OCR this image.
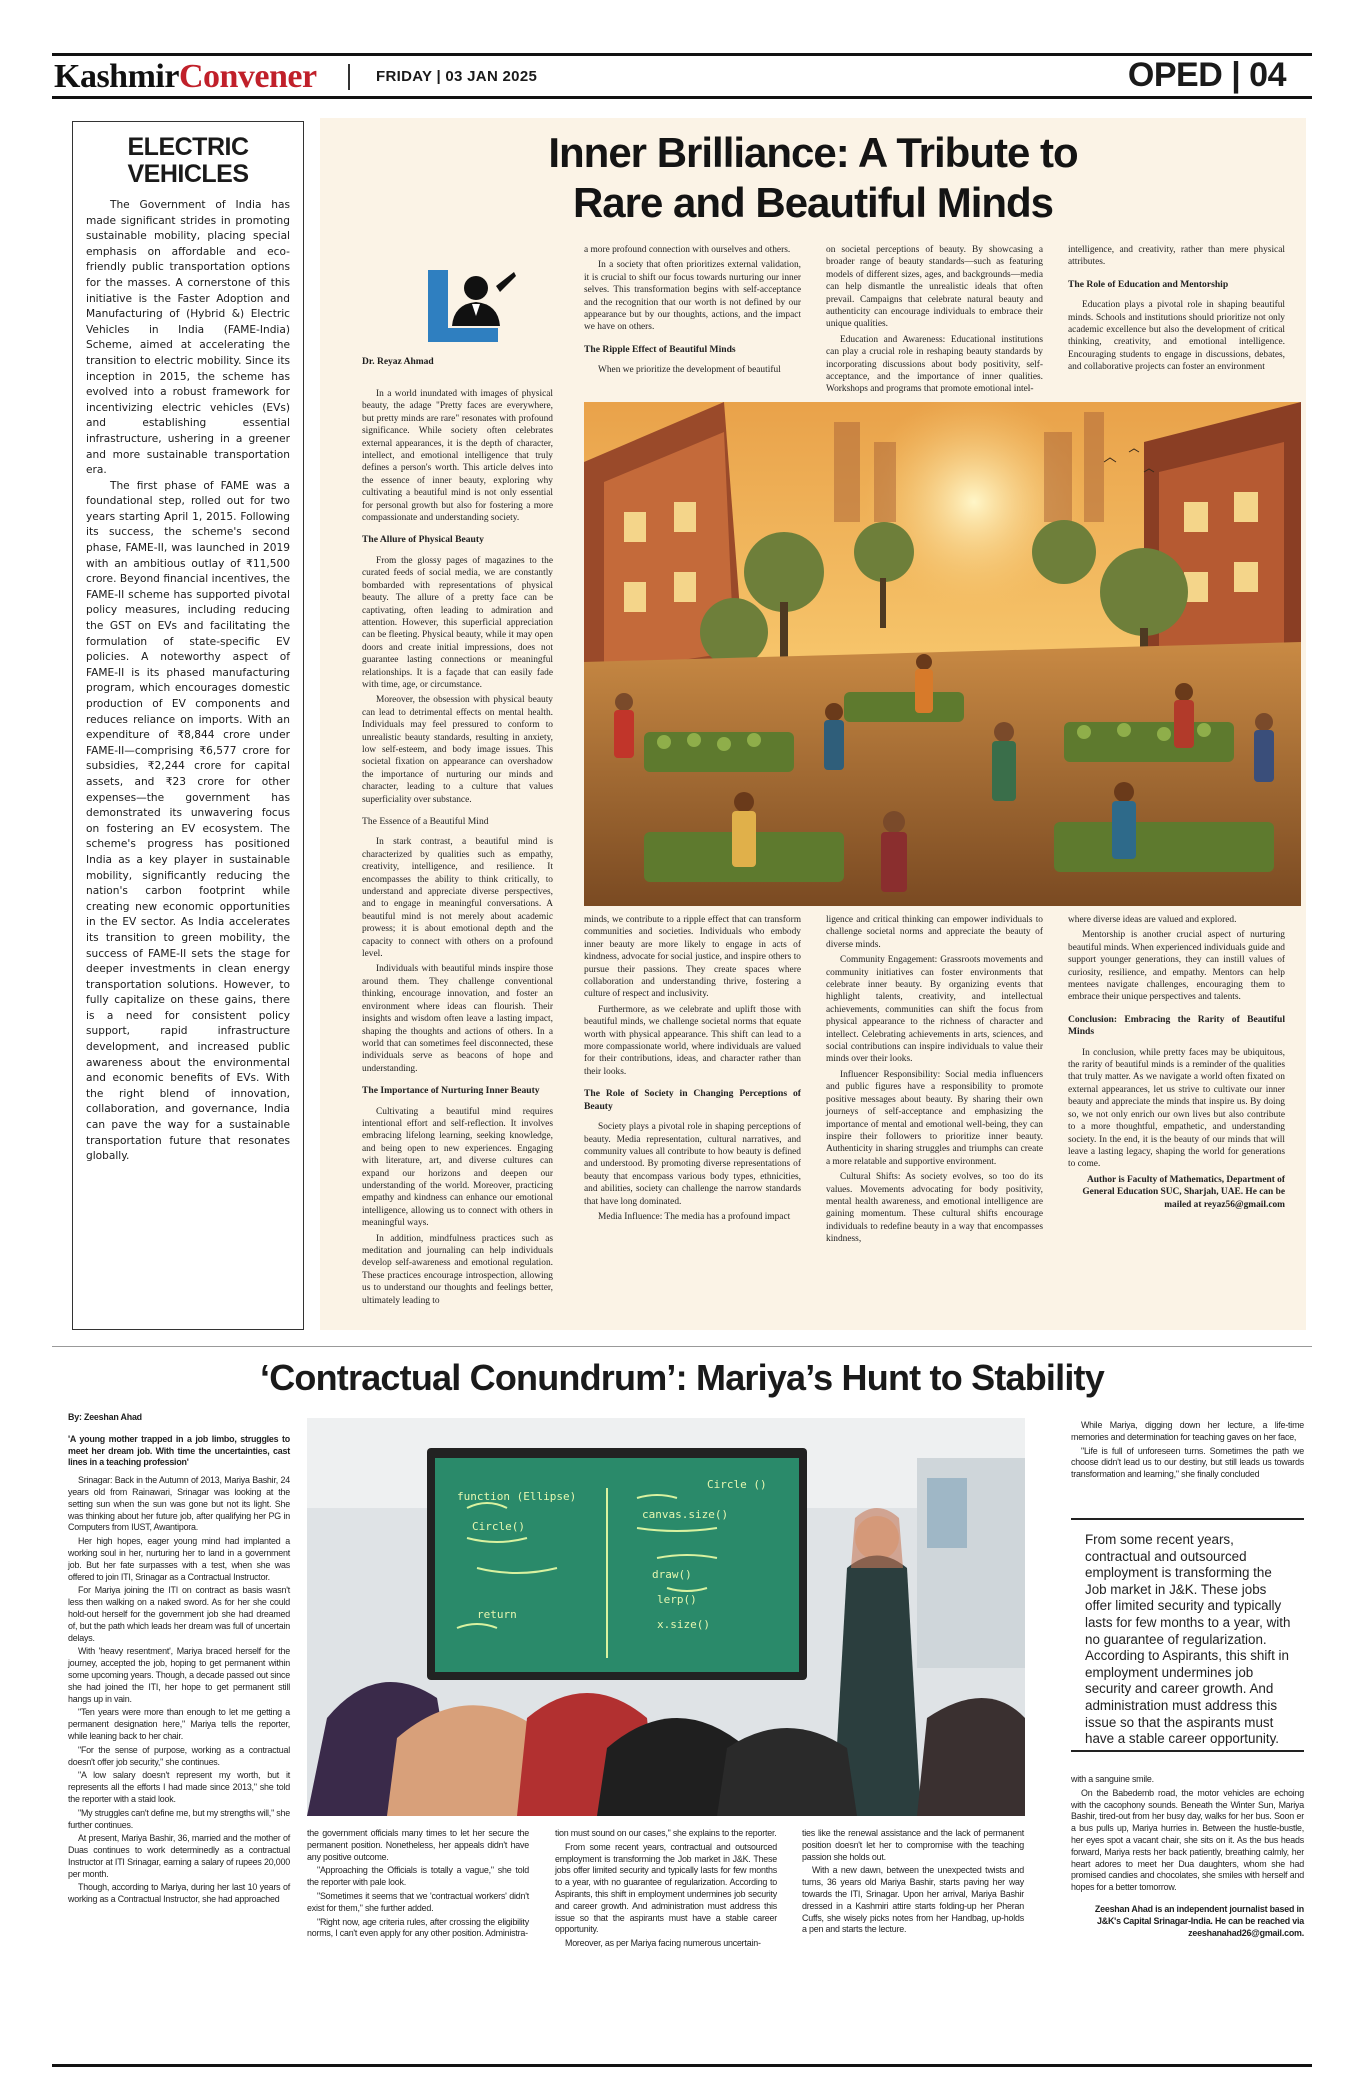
KashmirConvener	FRIDAY | 03 JAN 2025	OPED | 04
ELECTRIC VEHICLES

The Government of India has made significant strides in promoting sustainable mobility, placing special emphasis on affordable and eco-friendly public transportation options for the masses. A cornerstone of this initiative is the Faster Adoption and Manufacturing of (Hybrid &) Electric Vehicles in India (FAME-India) Scheme, aimed at accelerating the transition to electric mobility. Since its inception in 2015, the scheme has evolved into a robust framework for incentivizing electric vehicles (EVs) and establishing essential infrastructure, ushering in a greener and more sustainable transportation era.

The first phase of FAME was a foundational step, rolled out for two years starting April 1, 2015. Following its success, the scheme's second phase, FAME-II, was launched in 2019 with an ambitious outlay of ₹11,500 crore. Beyond financial incentives, the FAME-II scheme has supported pivotal policy measures, including reducing the GST on EVs and facilitating the formulation of state-specific EV policies. A noteworthy aspect of FAME-II is its phased manufacturing program, which encourages domestic production of EV components and reduces reliance on imports. With an expenditure of ₹8,844 crore under FAME-II—comprising ₹6,577 crore for subsidies, ₹2,244 crore for capital assets, and ₹23 crore for other expenses—the government has demonstrated its unwavering focus on fostering an EV ecosystem. The scheme's progress has positioned India as a key player in sustainable mobility, significantly reducing the nation's carbon footprint while creating new economic opportunities in the EV sector. As India accelerates its transition to green mobility, the success of FAME-II sets the stage for deeper investments in clean energy transportation solutions. However, to fully capitalize on these gains, there is a need for consistent policy support, rapid infrastructure development, and increased public awareness about the environmental and economic benefits of EVs. With the right blend of innovation, collaboration, and governance, India can pave the way for a sustainable transportation future that resonates globally.

Inner Brilliance: A Tribute to
Rare and Beautiful Minds
Dr. Reyaz Ahmad

In a world inundated with images of physical beauty, the adage "Pretty faces are everywhere, but pretty minds are rare" resonates with profound significance. While society often celebrates external appearances, it is the depth of character, intellect, and emotional intelligence that truly defines a person's worth. This article delves into the essence of inner beauty, exploring why cultivating a beautiful mind is not only essential for personal growth but also for fostering a more compassionate and understanding society.

The Allure of Physical Beauty

From the glossy pages of magazines to the curated feeds of social media, we are constantly bombarded with representations of physical beauty. The allure of a pretty face can be captivating, often leading to admiration and attention. However, this superficial appreciation can be fleeting. Physical beauty, while it may open doors and create initial impressions, does not guarantee lasting connections or meaningful relationships. It is a façade that can easily fade with time, age, or circumstance.

Moreover, the obsession with physical beauty can lead to detrimental effects on mental health. Individuals may feel pressured to conform to unrealistic beauty standards, resulting in anxiety, low self-esteem, and body image issues. This societal fixation on appearance can overshadow the importance of nurturing our minds and character, leading to a culture that values superficiality over substance.

The Essence of a Beautiful Mind

In stark contrast, a beautiful mind is characterized by qualities such as empathy, creativity, intelligence, and resilience. It encompasses the ability to think critically, to understand and appreciate diverse perspectives, and to engage in meaningful conversations. A beautiful mind is not merely about academic prowess; it is about emotional depth and the capacity to connect with others on a profound level.

Individuals with beautiful minds inspire those around them. They challenge conventional thinking, encourage innovation, and foster an environment where ideas can flourish. Their insights and wisdom often leave a lasting impact, shaping the thoughts and actions of others. In a world that can sometimes feel disconnected, these individuals serve as beacons of hope and understanding.

The Importance of Nurturing Inner Beauty

Cultivating a beautiful mind requires intentional effort and self-reflection. It involves embracing lifelong learning, seeking knowledge, and being open to new experiences. Engaging with literature, art, and diverse cultures can expand our horizons and deepen our understanding of the world. Moreover, practicing empathy and kindness can enhance our emotional intelligence, allowing us to connect with others in meaningful ways.

In addition, mindfulness practices such as meditation and journaling can help individuals develop self-awareness and emotional regulation. These practices encourage introspection, allowing us to understand our thoughts and feelings better, ultimately leading to

a more profound connection with ourselves and others.

In a society that often prioritizes external validation, it is crucial to shift our focus towards nurturing our inner selves. This transformation begins with self-acceptance and the recognition that our worth is not defined by our appearance but by our thoughts, actions, and the impact we have on others.

The Ripple Effect of Beautiful Minds

When we prioritize the development of beautiful

on societal perceptions of beauty. By showcasing a broader range of beauty standards—such as featuring models of different sizes, ages, and backgrounds—media can help dismantle the unrealistic ideals that often prevail. Campaigns that celebrate natural beauty and authenticity can encourage individuals to embrace their unique qualities.

Education and Awareness: Educational institutions can play a crucial role in reshaping beauty standards by incorporating discussions about body positivity, self-acceptance, and the importance of inner qualities. Workshops and programs that promote emotional intel-

intelligence, and creativity, rather than mere physical attributes.

The Role of Education and Mentorship

Education plays a pivotal role in shaping beautiful minds. Schools and institutions should prioritize not only academic excellence but also the development of critical thinking, creativity, and emotional intelligence. Encouraging students to engage in discussions, debates, and collaborative projects can foster an environment

minds, we contribute to a ripple effect that can transform communities and societies. Individuals who embody inner beauty are more likely to engage in acts of kindness, advocate for social justice, and inspire others to pursue their passions. They create spaces where collaboration and understanding thrive, fostering a culture of respect and inclusivity.

Furthermore, as we celebrate and uplift those with beautiful minds, we challenge societal norms that equate worth with physical appearance. This shift can lead to a more compassionate world, where individuals are valued for their contributions, ideas, and character rather than their looks.

The Role of Society in Changing Perceptions of Beauty

Society plays a pivotal role in shaping perceptions of beauty. Media representation, cultural narratives, and community values all contribute to how beauty is defined and understood. By promoting diverse representations of beauty that encompass various body types, ethnicities, and abilities, society can challenge the narrow standards that have long dominated.

Media Influence: The media has a profound impact

ligence and critical thinking can empower individuals to challenge societal norms and appreciate the beauty of diverse minds.

Community Engagement: Grassroots movements and community initiatives can foster environments that celebrate inner beauty. By organizing events that highlight talents, creativity, and intellectual achievements, communities can shift the focus from physical appearance to the richness of character and intellect. Celebrating achievements in arts, sciences, and social contributions can inspire individuals to value their minds over their looks.

Influencer Responsibility: Social media influencers and public figures have a responsibility to promote positive messages about beauty. By sharing their own journeys of self-acceptance and emphasizing the importance of mental and emotional well-being, they can inspire their followers to prioritize inner beauty. Authenticity in sharing struggles and triumphs can create a more relatable and supportive environment.

Cultural Shifts: As society evolves, so too do its values. Movements advocating for body positivity, mental health awareness, and emotional intelligence are gaining momentum. These cultural shifts encourage individuals to redefine beauty in a way that encompasses kindness,

where diverse ideas are valued and explored.

Mentorship is another crucial aspect of nurturing beautiful minds. When experienced individuals guide and support younger generations, they can instill values of curiosity, resilience, and empathy. Mentors can help mentees navigate challenges, encouraging them to embrace their unique perspectives and talents.

Conclusion: Embracing the Rarity of Beautiful Minds

In conclusion, while pretty faces may be ubiquitous, the rarity of beautiful minds is a reminder of the qualities that truly matter. As we navigate a world often fixated on external appearances, let us strive to cultivate our inner beauty and appreciate the minds that inspire us. By doing so, we not only enrich our own lives but also contribute to a more thoughtful, empathetic, and understanding society. In the end, it is the beauty of our minds that will leave a lasting legacy, shaping the world for generations to come.

Author is Faculty of Mathematics, Department of General Education SUC, Sharjah, UAE. He can be mailed at reyaz56@gmail.com

‘Contractual Conundrum’: Mariya’s Hunt to Stability

By: Zeeshan Ahad

'A young mother trapped in a job limbo, struggles to meet her dream job. With time the uncertainties, cast lines in a teaching profession'

Srinagar: Back in the Autumn of 2013, Mariya Bashir, 24 years old from Rainawari, Srinagar was looking at the setting sun when the sun was gone but not its light. She was thinking about her future job, after qualifying her PG in Computers from IUST, Awantipora.

Her high hopes, eager young mind had implanted a working soul in her, nurturing her to land in a government job. But her fate surpasses with a test, when she was offered to join ITI, Srinagar as a Contractual Instructor.

For Mariya joining the ITI on contract as basis wasn't less then walking on a naked sword. As for her she could hold-out herself for the government job she had dreamed of, but the path which leads her dream was full of uncertain delays.

With 'heavy resentment', Mariya braced herself for the journey, accepted the job, hoping to get permanent within some upcoming years. Though, a decade passed out since she had joined the ITI, her hope to get permanent still hangs up in vain.

"Ten years were more than enough to let me getting a permanent designation here," Mariya tells the reporter, while leaning back to her chair.

"For the sense of purpose, working as a contractual doesn't offer job security," she continues.

"A low salary doesn't represent my worth, but it represents all the efforts I had made since 2013," she told the reporter with a staid look.

"My struggles can't define me, but my strengths will," she further continues.

At present, Mariya Bashir, 36, married and the mother of Duas continues to work determinedly as a contractual Instructor at ITI Srinagar, earning a salary of rupees 20,000 per month.

Though, according to Mariya, during her last 10 years of working as a Contractual Instructor, she had approached

function (Ellipse)
Circle()
return
canvas.size()
draw()
lerp()
x.size()
Circle ()

the government officials many times to let her secure the permanent position. Nonetheless, her appeals didn't have any positive outcome.

"Approaching the Officials is totally a vague," she told the reporter with pale look.

"Sometimes it seems that we 'contractual workers' didn't exist for them," she further added.

"Right now, age criteria rules, after crossing the eligibility norms, I can't even apply for any other position. Administra-

tion must sound on our cases," she explains to the reporter.

From some recent years, contractual and outsourced employment is transforming the Job market in J&K. These jobs offer limited security and typically lasts for few months to a year, with no guarantee of regularization. According to Aspirants, this shift in employment undermines job security and career growth. And administration must address this issue so that the aspirants must have a stable career opportunity.

Moreover, as per Mariya facing numerous uncertain-

ties like the renewal assistance and the lack of permanent position doesn't let her to compromise with the teaching passion she holds out.

With a new dawn, between the unexpected twists and turns, 36 years old Mariya Bashir, starts paving her way towards the ITI, Srinagar. Upon her arrival, Mariya Bashir dressed in a Kashmiri attire starts folding-up her Pheran Cuffs, she wisely picks notes from her Handbag, up-holds a pen and starts the lecture.

While Mariya, digging down her lecture, a life-time memories and determination for teaching gaves on her face,

"Life is full of unforeseen turns. Sometimes the path we choose didn't lead us to our destiny, but still leads us towards transformation and learning," she finally concluded

From some recent years, contractual and outsourced employment is transforming the Job market in J&K. These jobs offer limited security and typically lasts for few months to a year, with no guarantee of regularization. According to Aspirants, this shift in employment undermines job security and career growth. And administration must address this issue so that the aspirants must have a stable career opportunity.

with a sanguine smile.

On the Babedemb road, the motor vehicles are echoing with the cacophony sounds. Beneath the Winter Sun, Mariya Bashir, tired-out from her busy day, walks for her bus. Soon er a bus pulls up, Mariya hurries in. Between the hustle-bustle, her eyes spot a vacant chair, she sits on it. As the bus heads forward, Mariya rests her back patiently, breathing calmly, her heart adores to meet her Dua daughters, whom she had promised candies and chocolates, she smiles with herself and hopes for a better tomorrow.

Zeeshan Ahad is an independent journalist based in J&K's Capital Srinagar-India. He can be reached via zeeshanahad26@gmail.com.
